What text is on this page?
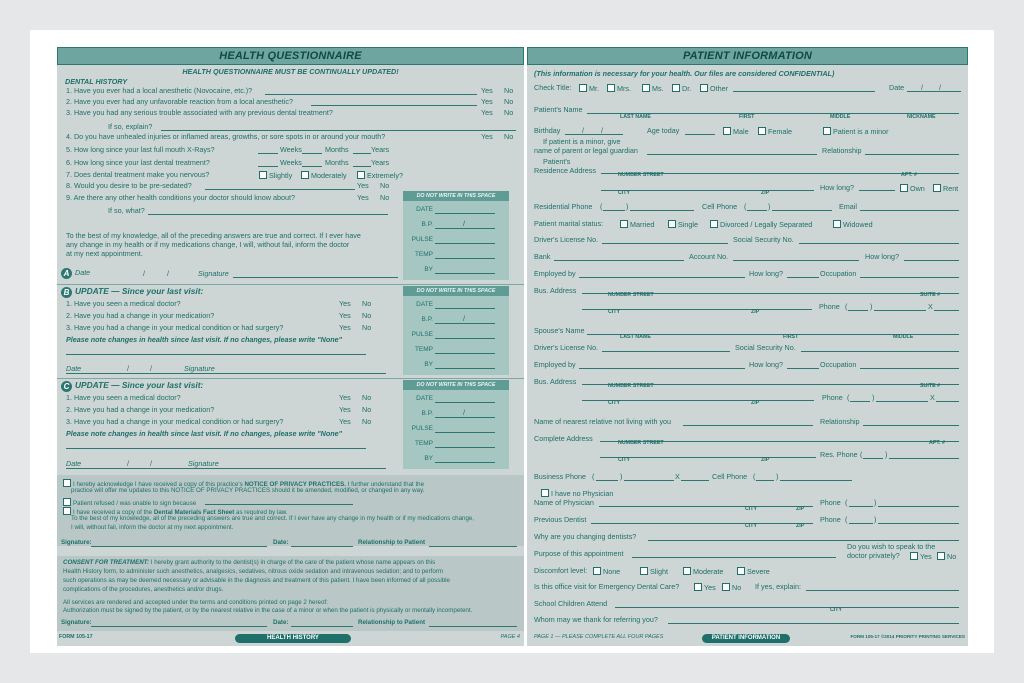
HEALTH QUESTIONNAIRE
HEALTH QUESTIONNAIRE MUST BE CONTINUALLY UPDATED!
DENTAL HISTORY
1. Have you ever had a local anesthetic (Novocaine, etc.)?	Yes No
2. Have you ever had any unfavorable reaction from a local anesthetic?	Yes No
3. Have you had any serious trouble associated with any previous dental treatment?	Yes No
If so, explain?
4. Do you have unhealed injuries or inflamed areas, growths, or sore spots in or around your mouth?	Yes No
5. How long since your last full mouth X-Rays?	Weeks	Months	Years
6. How long since your last dental treatment?	Weeks	Months	Years
7. Does dental treatment make you nervous?	Slightly	Moderately	Extremely?
8. Would you desire to be pre-sedated?	Yes No
9. Are there any other health conditions your doctor should know about?	Yes No
If so, what?
To the best of my knowledge, all of the preceding answers are true and correct. If I ever have
any change in my health or if my medications change, I will, without fail, inform the doctor
at my next appointment.
A Date	/	/	Signature
B UPDATE — Since your last visit:
1. Have you seen a medical doctor?	Yes No
2. Have you had a change in your medication?	Yes No
3. Have you had a change in your medical condition or had surgery?	Yes No
Please note changes in health since last visit. If no changes, please write "None"
Date	/	/	Signature
C UPDATE — Since your last visit:
1. Have you seen a medical doctor?	Yes No
2. Have you had a change in your medication?	Yes No
3. Have you had a change in your medical condition or had surgery?	Yes No
Please note changes in health since last visit. If no changes, please write "None"
Date	/	/	Signature
DO NOT WRITE IN THIS SPACE
DATE
B.P.	/
PULSE
TEMP
BY
DO NOT WRITE IN THIS SPACE
DATE
B.P.	/
PULSE
TEMP
BY
DO NOT WRITE IN THIS SPACE
DATE
B.P.	/
PULSE
TEMP
BY
I hereby acknowledge I have received a copy of this practice's NOTICE OF PRIVACY PRACTICES. I further understand that the
practice will offer me updates to this NOTICE OF PRIVACY PRACTICES should it be amended, modified, or changed in any way.
Patient refused / was unable to sign because
I have received a copy of the Dental Materials Fact Sheet as required by law.
To the best of my knowledge, all of the preceding answers are true and correct. If I ever have any change in my health or if my medications change,
I will, without fail, inform the doctor at my next appointment.
Signature:	Date:	Relationship to Patient
CONSENT FOR TREATMENT: I hereby grant authority to the dentist(s) in charge of the care of the patient whose name appears on this
Health History form, to administer such anesthetics, analgesics, sedatives, nitrous oxide sedation and intravenous sedation; and to perform
such operations as may be deemed necessary or advisable in the diagnosis and treatment of this patient. I have been informed of all possible
complications of the procedures, anesthetics and/or drugs.
All services are rendered and accepted under the terms and conditions printed on page 2 hereof:
Authorization must be signed by the patient, or by the nearest relative in the case of a minor or when the patient is physically or mentally incompetent.
Signature:	Date:	Relationship to Patient
FORM 105-17	HEALTH HISTORY	PAGE 4
PATIENT INFORMATION
(This information is necessary for your health. Our files are considered CONFIDENTIAL)
Check Title:	Mr.	Mrs.	Ms.	Dr.	Other	Date / /
Patient's Name
LAST NAME	FIRST	MIDDLE	NICKNAME
Birthday	/ /	Age today	Male	Female	Patient is a minor
If patient is a minor, give
name of parent or legal guardian	Relationship
Patient's
Residence Address	NUMBER STREET	APT. #
CITY	ZIP
How long?	Own	Rent
Residential Phone (	)	Cell Phone (	)	Email
Patient marital status:	Married	Single	Divorced / Legally Separated	Widowed
Driver's License No.	Social Security No.
Bank	Account No.	How long?
Employed by	How long?	Occupation
Bus. Address	NUMBER STREET	SUITE #
CITY	ZIP
Phone (	)	X
Spouse's Name
LAST NAME	FIRST	MIDDLE
Driver's License No.	Social Security No.
Employed by	How long?	Occupation
Bus. Address	NUMBER STREET	SUITE #
CITY	ZIP
Phone (	)	X
Name of nearest relative not living with you	Relationship
Complete Address	NUMBER STREET	APT. #
CITY	ZIP
Res. Phone (	)
Business Phone (	)	X	Cell Phone (	)
I have no Physician
Name of Physician
CITY	ZIP
Phone (	)
Previous Dentist
CITY	ZIP
Phone (	)
Why are you changing dentists?
Purpose of this appointment
Do you wish to speak to the
doctor privately?	Yes	No
Discomfort level:	None	Slight	Moderate	Severe
Is this office visit for Emergency Dental Care?	Yes	No If yes, explain:
School Children Attend
CITY
Whom may we thank for referring you?
PAGE 1 — PLEASE COMPLETE ALL FOUR PAGES	PATIENT INFORMATION	FORM 105-17 ©2014 PRIORITY PRINTING SERVICES
